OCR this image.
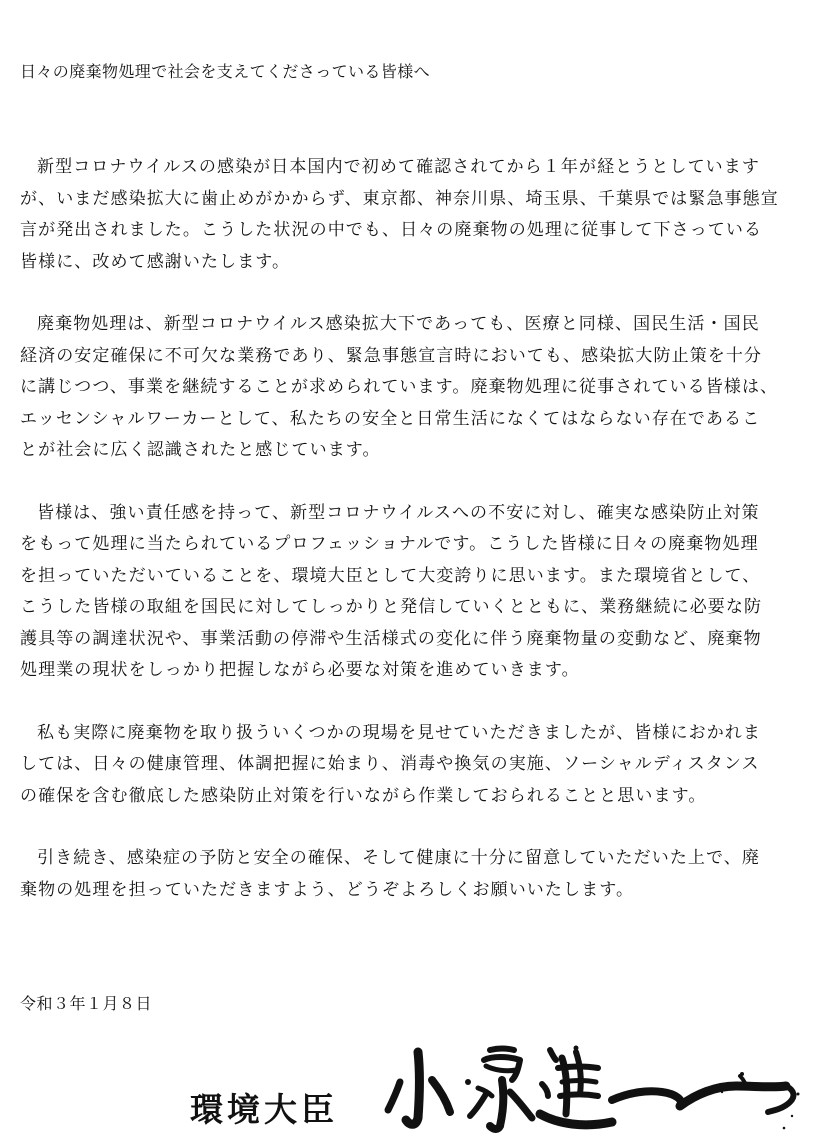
日々の廃棄物処理で社会を支えてくださっている皆様へ
新型コロナウイルスの感染が日本国内で初めて確認されてから１年が経とうとしています
が、いまだ感染拡大に歯止めがかからず、東京都、神奈川県、埼玉県、千葉県では緊急事態宣
言が発出されました。こうした状況の中でも、日々の廃棄物の処理に従事して下さっている
皆様に、改めて感謝いたします。
廃棄物処理は、新型コロナウイルス感染拡大下であっても、医療と同様、国民生活・国民
経済の安定確保に不可欠な業務であり、緊急事態宣言時においても、感染拡大防止策を十分
に講じつつ、事業を継続することが求められています。廃棄物処理に従事されている皆様は、
エッセンシャルワーカーとして、私たちの安全と日常生活になくてはならない存在であるこ
とが社会に広く認識されたと感じています。
皆様は、強い責任感を持って、新型コロナウイルスへの不安に対し、確実な感染防止対策
をもって処理に当たられているプロフェッショナルです。こうした皆様に日々の廃棄物処理
を担っていただいていることを、環境大臣として大変誇りに思います。また環境省として、
こうした皆様の取組を国民に対してしっかりと発信していくとともに、業務継続に必要な防
護具等の調達状況や、事業活動の停滞や生活様式の変化に伴う廃棄物量の変動など、廃棄物
処理業の現状をしっかり把握しながら必要な対策を進めていきます。
私も実際に廃棄物を取り扱ういくつかの現場を見せていただきましたが、皆様におかれま
しては、日々の健康管理、体調把握に始まり、消毒や換気の実施、ソーシャルディスタンス
の確保を含む徹底した感染防止対策を行いながら作業しておられることと思います。
引き続き、感染症の予防と安全の確保、そして健康に十分に留意していただいた上で、廃
棄物の処理を担っていただきますよう、どうぞよろしくお願いいたします。
令和３年１月８日
環境大臣
